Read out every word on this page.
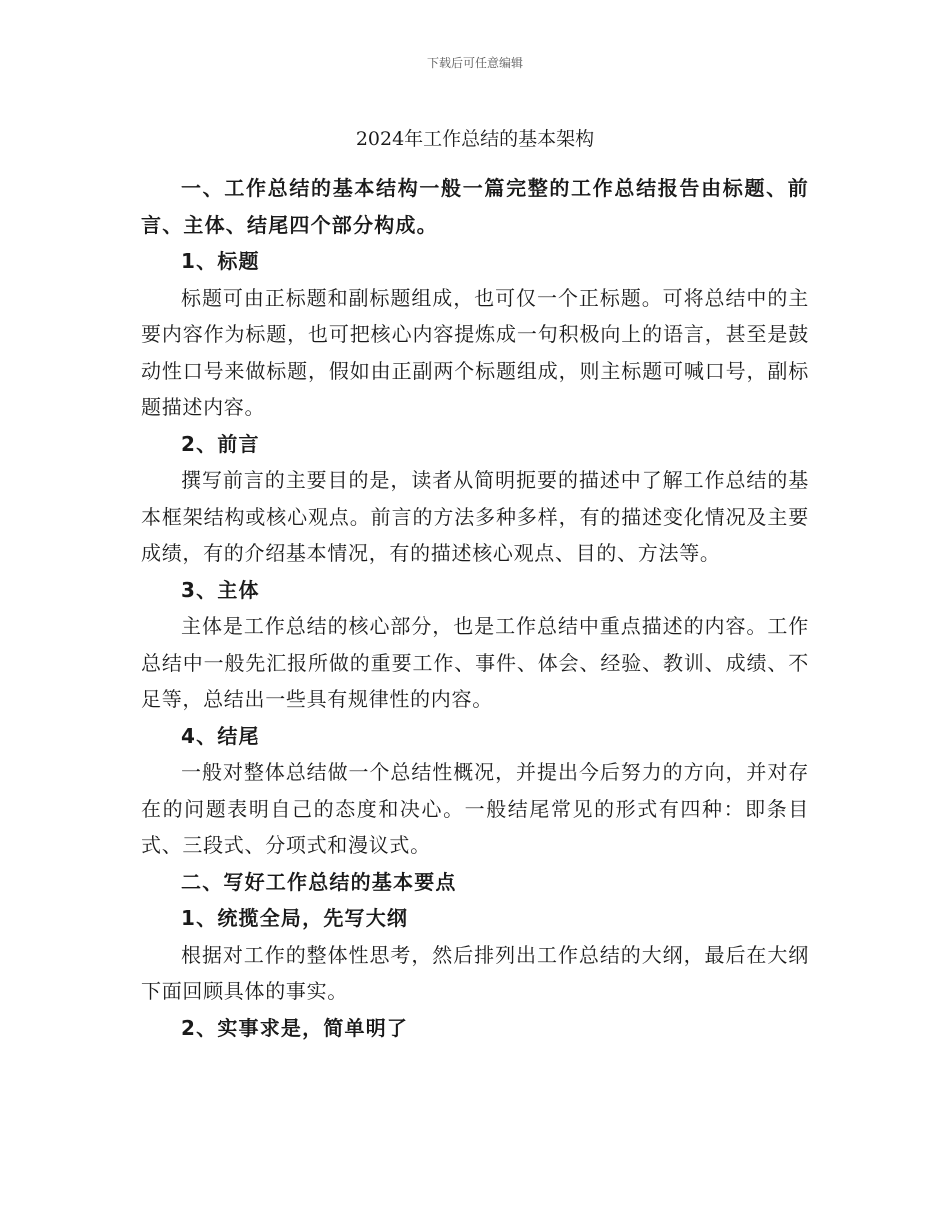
下载后可任意编辑
2024年工作总结的基本架构

一、工作总结的基本结构一般一篇完整的工作总结报告由标题、前言、主体、结尾四个部分构成。

1、标题

标题可由正标题和副标题组成，也可仅一个正标题。可将总结中的主要内容作为标题，也可把核心内容提炼成一句积极向上的语言，甚至是鼓动性口号来做标题，假如由正副两个标题组成，则主标题可喊口号，副标题描述内容。

2、前言

撰写前言的主要目的是，读者从简明扼要的描述中了解工作总结的基本框架结构或核心观点。前言的方法多种多样，有的描述变化情况及主要成绩，有的介绍基本情况，有的描述核心观点、目的、方法等。

3、主体

主体是工作总结的核心部分，也是工作总结中重点描述的内容。工作总结中一般先汇报所做的重要工作、事件、体会、经验、教训、成绩、不足等，总结出一些具有规律性的内容。

4、结尾

一般对整体总结做一个总结性概况，并提出今后努力的方向，并对存在的问题表明自己的态度和决心。一般结尾常见的形式有四种：即条目式、三段式、分项式和漫议式。

二、写好工作总结的基本要点

1、统揽全局，先写大纲

根据对工作的整体性思考，然后排列出工作总结的大纲，最后在大纲下面回顾具体的事实。

2、实事求是，简单明了
